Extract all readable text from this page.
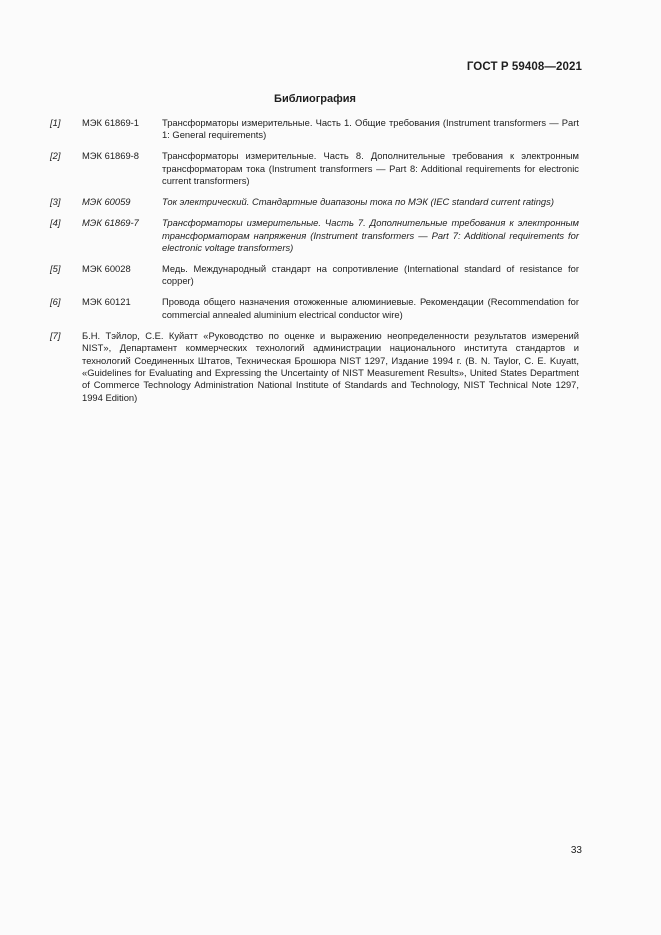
ГОСТ Р 59408—2021
Библиография
[1]	МЭК 61869-1	Трансформаторы измерительные. Часть 1. Общие требования (Instrument transformers — Part 1: General requirements)
[2]	МЭК 61869-8	Трансформаторы измерительные. Часть 8. Дополнительные требования к электронным трансформаторам тока (Instrument transformers — Part 8: Additional requirements for electronic current transformers)
[3]	МЭК 60059	Ток электрический. Стандартные диапазоны тока по МЭК (IEC standard current ratings)
[4]	МЭК 61869-7	Трансформаторы измерительные. Часть 7. Дополнительные требования к электронным трансформаторам напряжения (Instrument transformers — Part 7: Additional requirements for electronic voltage transformers)
[5]	МЭК 60028	Медь. Международный стандарт на сопротивление (International standard of resistance for copper)
[6]	МЭК 60121	Провода общего назначения отожженные алюминиевые. Рекомендации (Recommendation for commercial annealed aluminium electrical conductor wire)
[7]	Б.Н. Тэйлор, С.Е. Куйатт «Руководство по оценке и выражению неопределенности результатов измерений NIST», Департамент коммерческих технологий администрации национального института стандартов и технологий Соединенных Штатов, Техническая Брошюра NIST 1297, Издание 1994 г. (B. N. Taylor, C. E. Kuyatt, «Guidelines for Evaluating and Expressing the Uncertainty of NIST Measurement Results», United States Department of Commerce Technology Administration National Institute of Standards and Technology, NIST Technical Note 1297, 1994 Edition)
33
